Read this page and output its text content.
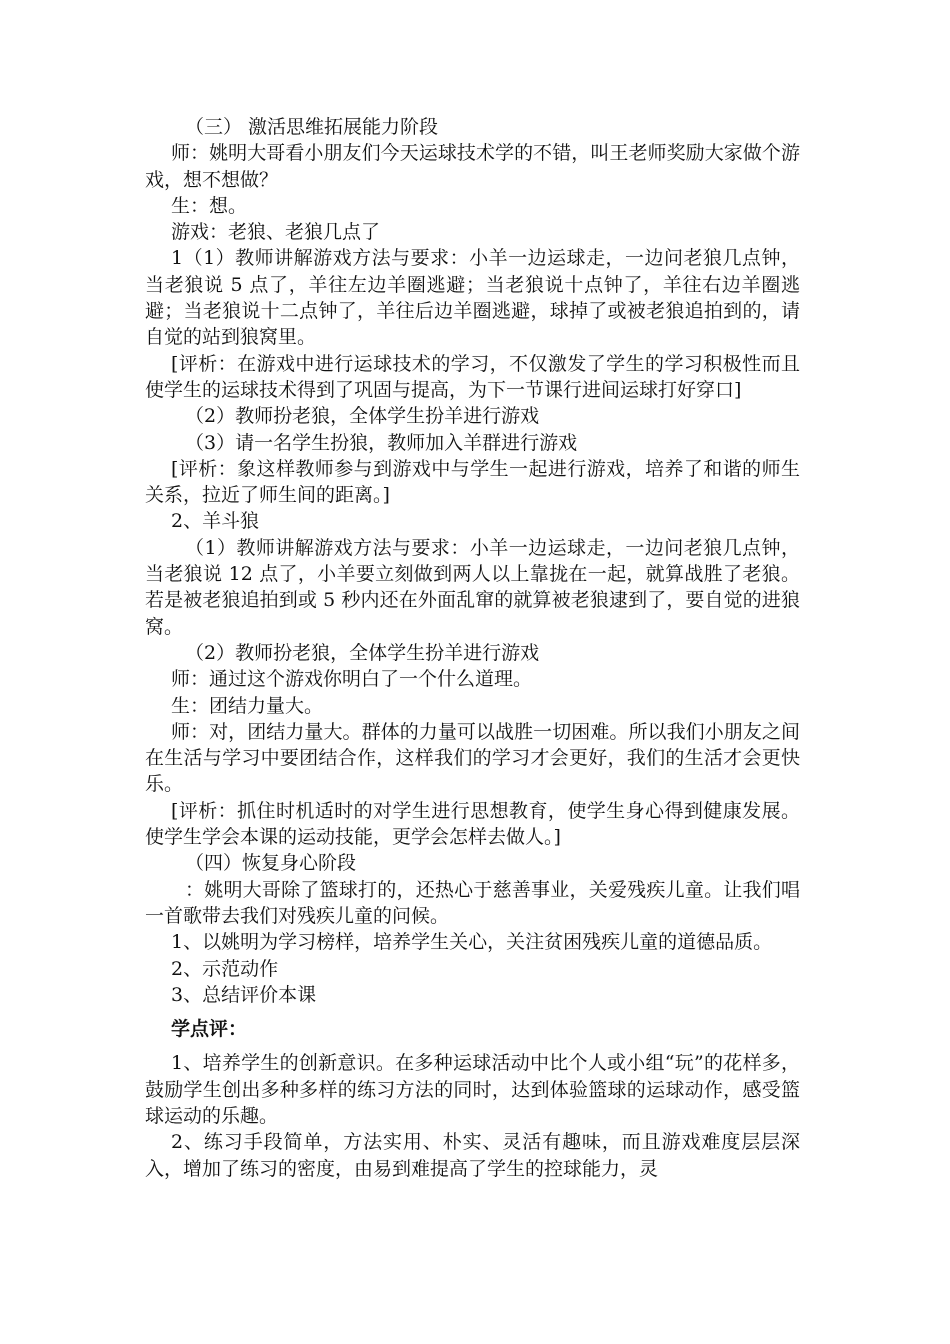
（三） 激活思维拓展能力阶段

师：姚明大哥看小朋友们今天运球技术学的不错，叫王老师奖励大家做个游戏，想不想做？

生：想。

游戏：老狼、老狼几点了

1（1）教师讲解游戏方法与要求：小羊一边运球走，一边问老狼几点钟，当老狼说 5 点了，羊往左边羊圈逃避；当老狼说十点钟了，羊往右边羊圈逃避；当老狼说十二点钟了，羊往后边羊圈逃避，球掉了或被老狼追拍到的，请自觉的站到狼窝里。

[评析：在游戏中进行运球技术的学习，不仅激发了学生的学习积极性而且使学生的运球技术得到了巩固与提高，为下一节课行进间运球打好穿口]

（2）教师扮老狼，全体学生扮羊进行游戏

（3）请一名学生扮狼，教师加入羊群进行游戏

[评析：象这样教师参与到游戏中与学生一起进行游戏，培养了和谐的师生关系，拉近了师生间的距离。]

2、羊斗狼

（1）教师讲解游戏方法与要求：小羊一边运球走，一边问老狼几点钟，当老狼说 12 点了，小羊要立刻做到两人以上靠拢在一起，就算战胜了老狼。若是被老狼追拍到或 5 秒内还在外面乱窜的就算被老狼逮到了，要自觉的进狼窝。

（2）教师扮老狼，全体学生扮羊进行游戏

师：通过这个游戏你明白了一个什么道理。

生：团结力量大。

师：对，团结力量大。群体的力量可以战胜一切困难。所以我们小朋友之间在生活与学习中要团结合作，这样我们的学习才会更好，我们的生活才会更快乐。

[评析：抓住时机适时的对学生进行思想教育，使学生身心得到健康发展。使学生学会本课的运动技能，更学会怎样去做人。]

（四）恢复身心阶段

：姚明大哥除了篮球打的，还热心于慈善事业，关爱残疾儿童。让我们唱一首歌带去我们对残疾儿童的问候。

1、以姚明为学习榜样，培养学生关心，关注贫困残疾儿童的道德品质。

2、示范动作

3、总结评价本课

学点评：

1、培养学生的创新意识。在多种运球活动中比个人或小组“玩”的花样多，鼓励学生创出多种多样的练习方法的同时，达到体验篮球的运球动作，感受篮球运动的乐趣。

2、练习手段简单，方法实用、朴实、灵活有趣味，而且游戏难度层层深入，增加了练习的密度，由易到难提高了学生的控球能力，灵
